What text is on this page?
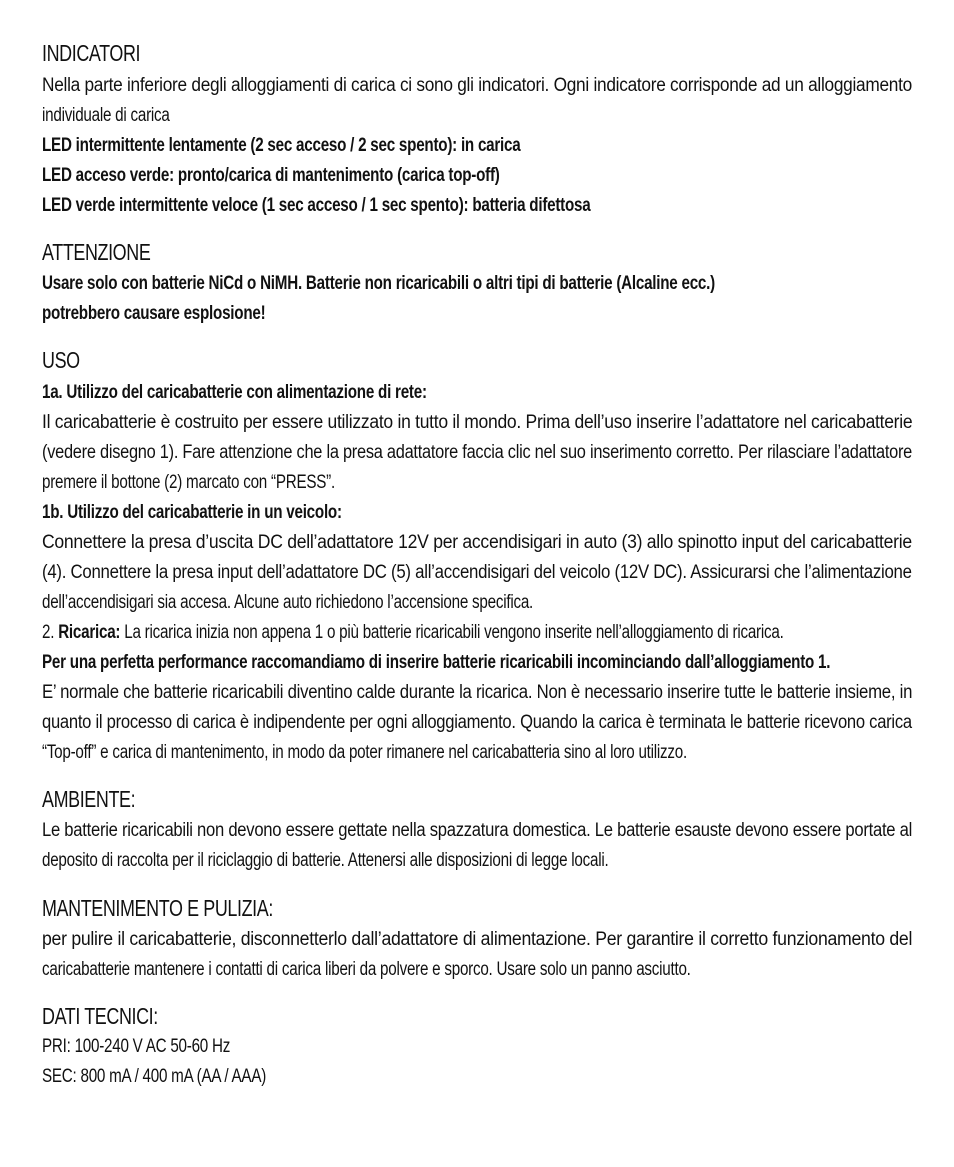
INDICATORI

Nella parte inferiore degli alloggiamenti di carica ci sono gli indicatori. Ogni indicatore corrisponde ad un alloggiamento

individuale di carica

LED intermittente lentamente (2 sec acceso / 2 sec spento): in carica

LED acceso verde: pronto/carica di mantenimento (carica top-off)

LED verde intermittente veloce (1 sec acceso / 1 sec spento): batteria difettosa

ATTENZIONE

Usare solo con batterie NiCd o NiMH. Batterie non ricaricabili o altri tipi di batterie (Alcaline ecc.)

potrebbero causare esplosione!

USO

1a. Utilizzo del caricabatterie con alimentazione di rete:

Il caricabatterie è costruito per essere utilizzato in tutto il mondo. Prima dell’uso inserire l’adattatore nel caricabatterie

(vedere disegno 1). Fare attenzione che la presa adattatore faccia clic nel suo inserimento corretto. Per rilasciare l’adattatore

premere il bottone (2) marcato con “PRESS”.

1b. Utilizzo del caricabatterie in un veicolo:

Connettere la presa d’uscita DC dell’adattatore 12V per accendisigari in auto (3) allo spinotto input del caricabatterie

(4). Connettere la presa input dell’adattatore DC (5) all’accendisigari del veicolo (12V DC). Assicurarsi che l’alimentazione

dell’accendisigari sia accesa. Alcune auto richiedono l’accensione specifica.

2. Ricarica: La ricarica inizia non appena 1 o più batterie ricaricabili vengono inserite nell’alloggiamento di ricarica.

Per una perfetta performance raccomandiamo di inserire batterie ricaricabili incominciando dall’alloggiamento 1.

E’ normale che batterie ricaricabili diventino calde durante la ricarica. Non è necessario inserire tutte le batterie insieme, in

quanto il processo di carica è indipendente per ogni alloggiamento. Quando la carica è terminata le batterie ricevono carica

“Top-off” e carica di mantenimento, in modo da poter rimanere nel caricabatteria sino al loro utilizzo.

AMBIENTE:

Le batterie ricaricabili non devono essere gettate nella spazzatura domestica. Le batterie esauste devono essere portate al

deposito di raccolta per il riciclaggio di batterie. Attenersi alle disposizioni di legge locali.

MANTENIMENTO E PULIZIA:

per pulire il caricabatterie, disconnetterlo dall’adattatore di alimentazione. Per garantire il corretto funzionamento del

caricabatterie mantenere i contatti di carica liberi da polvere e sporco. Usare solo un panno asciutto.

DATI TECNICI:

PRI: 100-240 V AC 50-60 Hz

SEC: 800 mA / 400 mA (AA / AAA)
